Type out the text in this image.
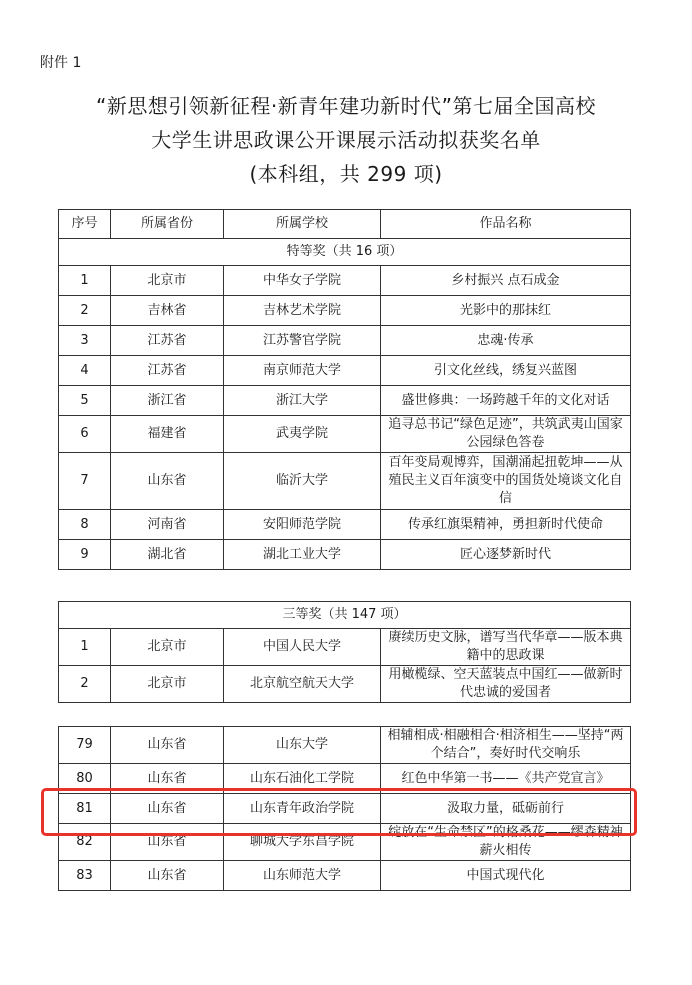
附件 1
“新思想引领新征程·新青年建功新时代”第七届全国高校
大学生讲思政课公开课展示活动拟获奖名单
(本科组，共 299 项)
序号	所属省份	所属学校	作品名称
特等奖（共 16 项）			
1	北京市	中华女子学院	乡村振兴 点石成金
2	吉林省	吉林艺术学院	光影中的那抹红
3	江苏省	江苏警官学院	忠魂·传承
4	江苏省	南京师范大学	引文化丝线，绣复兴蓝图
5	浙江省	浙江大学	盛世修典：一场跨越千年的文化对话
6	福建省	武夷学院	追寻总书记“绿色足迹”，共筑武夷山国家公园绿色答卷
7	山东省	临沂大学	百年变局观博弈，国潮涌起扭乾坤——从殖民主义百年演变中的国货处境谈文化自信
8	河南省	安阳师范学院	传承红旗渠精神，勇担新时代使命
9	湖北省	湖北工业大学	匠心逐梦新时代
三等奖（共 147 项）			
1	北京市	中国人民大学	赓续历史文脉，谱写当代华章——版本典籍中的思政课
2	北京市	北京航空航天大学	用橄榄绿、空天蓝装点中国红——做新时代忠诚的爱国者
79	山东省	山东大学	相辅相成·相融相合·相济相生——坚持“两个结合”，奏好时代交响乐
80	山东省	山东石油化工学院	红色中华第一书——《共产党宣言》
81	山东省	山东青年政治学院	汲取力量，砥砺前行
82	山东省	聊城大学东昌学院	绽放在“生命禁区”的格桑花——缪森精神薪火相传
83	山东省	山东师范大学	中国式现代化
